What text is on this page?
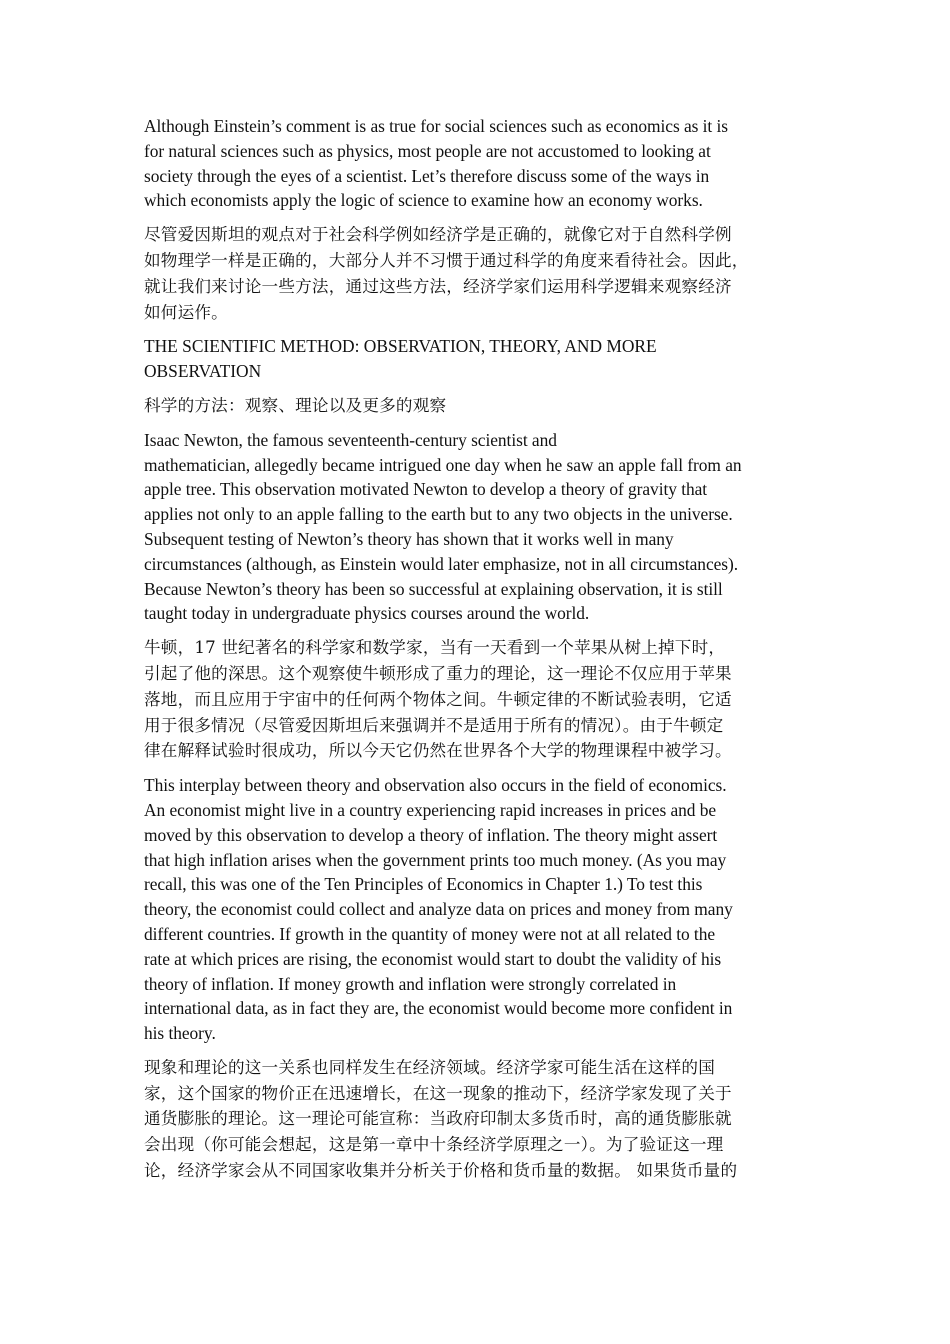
Although Einstein’s comment is as true for social sciences such as economics as it is
for natural sciences such as physics, most people are not accustomed to looking at
society through the eyes of a scientist. Let’s therefore discuss some of the ways in
which economists apply the logic of science to examine how an economy works.

尽管爱因斯坦的观点对于社会科学例如经济学是正确的，就像它对于自然科学例
如物理学一样是正确的，大部分人并不习惯于通过科学的角度来看待社会。因此，
就让我们来讨论一些方法，通过这些方法，经济学家们运用科学逻辑来观察经济
如何运作。

THE SCIENTIFIC METHOD: OBSERVATION, THEORY, AND MORE
OBSERVATION

科学的方法：观察、理论以及更多的观察

Isaac Newton, the famous seventeenth-century scientist and
mathematician, allegedly became intrigued one day when he saw an apple fall from an
apple tree. This observation motivated Newton to develop a theory of gravity that
applies not only to an apple falling to the earth but to any two objects in the universe.
Subsequent testing of Newton’s theory has shown that it works well in many
circumstances (although, as Einstein would later emphasize, not in all circumstances).
Because Newton’s theory has been so successful at explaining observation, it is still
taught today in undergraduate physics courses around the world.

牛顿，17 世纪著名的科学家和数学家，当有一天看到一个苹果从树上掉下时，
引起了他的深思。这个观察使牛顿形成了重力的理论，这一理论不仅应用于苹果
落地，而且应用于宇宙中的任何两个物体之间。牛顿定律的不断试验表明，它适
用于很多情况（尽管爱因斯坦后来强调并不是适用于所有的情况）。由于牛顿定
律在解释试验时很成功，所以今天它仍然在世界各个大学的物理课程中被学习。

This interplay between theory and observation also occurs in the field of economics.
An economist might live in a country experiencing rapid increases in prices and be
moved by this observation to develop a theory of inflation. The theory might assert
that high inflation arises when the government prints too much money. (As you may
recall, this was one of the Ten Principles of Economics in Chapter 1.) To test this
theory, the economist could collect and analyze data on prices and money from many
different countries. If growth in the quantity of money were not at all related to the
rate at which prices are rising, the economist would start to doubt the validity of his
theory of inflation. If money growth and inflation were strongly correlated in
international data, as in fact they are, the economist would become more confident in
his theory.

现象和理论的这一关系也同样发生在经济领域。经济学家可能生活在这样的国
家，这个国家的物价正在迅速增长，在这一现象的推动下，经济学家发现了关于
通货膨胀的理论。这一理论可能宣称：当政府印制太多货币时，高的通货膨胀就
会出现（你可能会想起，这是第一章中十条经济学原理之一）。为了验证这一理
论，经济学家会从不同国家收集并分析关于价格和货币量的数据。 如果货币量的
